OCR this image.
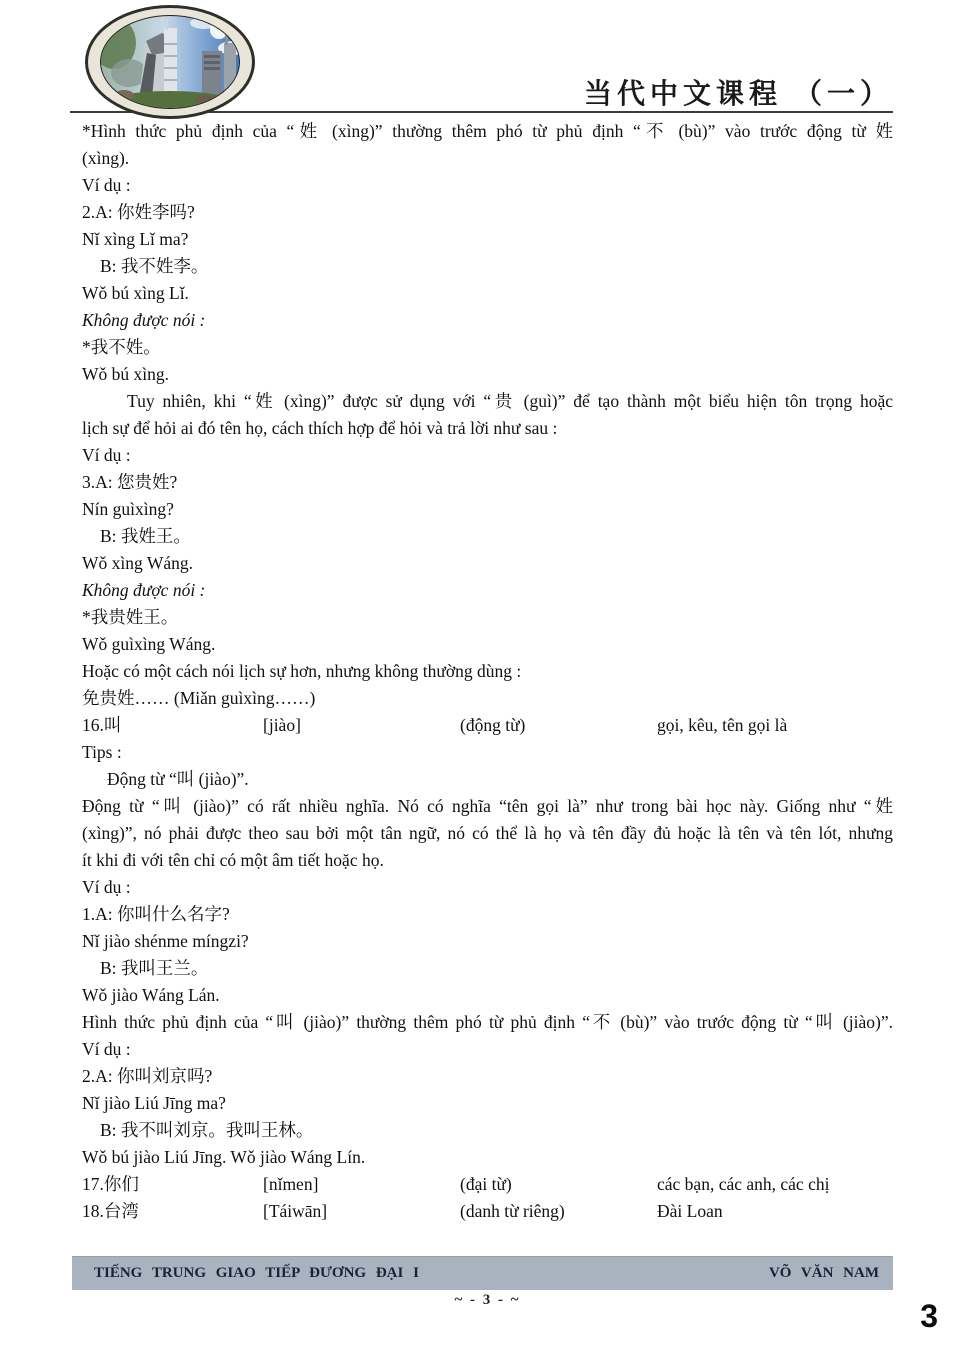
当代中文课程 （一）
*Hình thức phủ định của “姓 (xìng)” thường thêm phó từ phủ định “不 (bù)” vào trước động từ 姓
(xìng).
Ví dụ :
2.A: 你姓李吗?
Nǐ xìng Lǐ ma?
B: 我不姓李。
Wǒ bú xìng Lǐ.
Không được nói :
*我不姓。
Wǒ bú xìng.
Tuy nhiên, khi “姓 (xìng)” được sử dụng với “贵 (guì)” để tạo thành một biểu hiện tôn trọng hoặc
lịch sự để hỏi ai đó tên họ, cách thích hợp để hỏi và trả lời như sau :
Ví dụ :
3.A: 您贵姓?
Nín guìxìng?
B: 我姓王。
Wǒ xìng Wáng.
Không được nói :
*我贵姓王。
Wǒ guìxìng Wáng.
Hoặc có một cách nói lịch sự hơn, nhưng không thường dùng :
免贵姓…… (Miǎn guìxìng……)
16.叫	[jiào]	(động từ)	gọi, kêu, tên gọi là
Tips :
Động từ “叫 (jiào)”.
Động từ “叫 (jiào)” có rất nhiều nghĩa. Nó có nghĩa “tên gọi là” như trong bài học này. Giống như “姓
(xìng)”, nó phải được theo sau bởi một tân ngữ, nó có thể là họ và tên đầy đủ hoặc là tên và tên lót, nhưng
ít khi đi với tên chỉ có một âm tiết hoặc họ.
Ví dụ :
1.A: 你叫什么名字?
Nǐ jiào shénme míngzi?
B: 我叫王兰。
Wǒ jiào Wáng Lán.
Hình thức phủ định của “叫 (jiào)” thường thêm phó từ phủ định “不 (bù)” vào trước động từ “叫 (jiào)”.
Ví dụ :
2.A: 你叫刘京吗?
Nǐ jiào Liú Jīng ma?
B: 我不叫刘京。我叫王林。
Wǒ bú jiào Liú Jīng. Wǒ jiào Wáng Lín.
17.你们	[nǐmen]	(đại từ)	các bạn, các anh, các chị
18.台湾	[Táiwān]	(danh từ riêng)	Đài Loan
TIẾNG TRUNG GIAO TIẾP ĐƯƠNG ĐẠI I	VÕ VĂN NAM
~ - 3 - ~	3
